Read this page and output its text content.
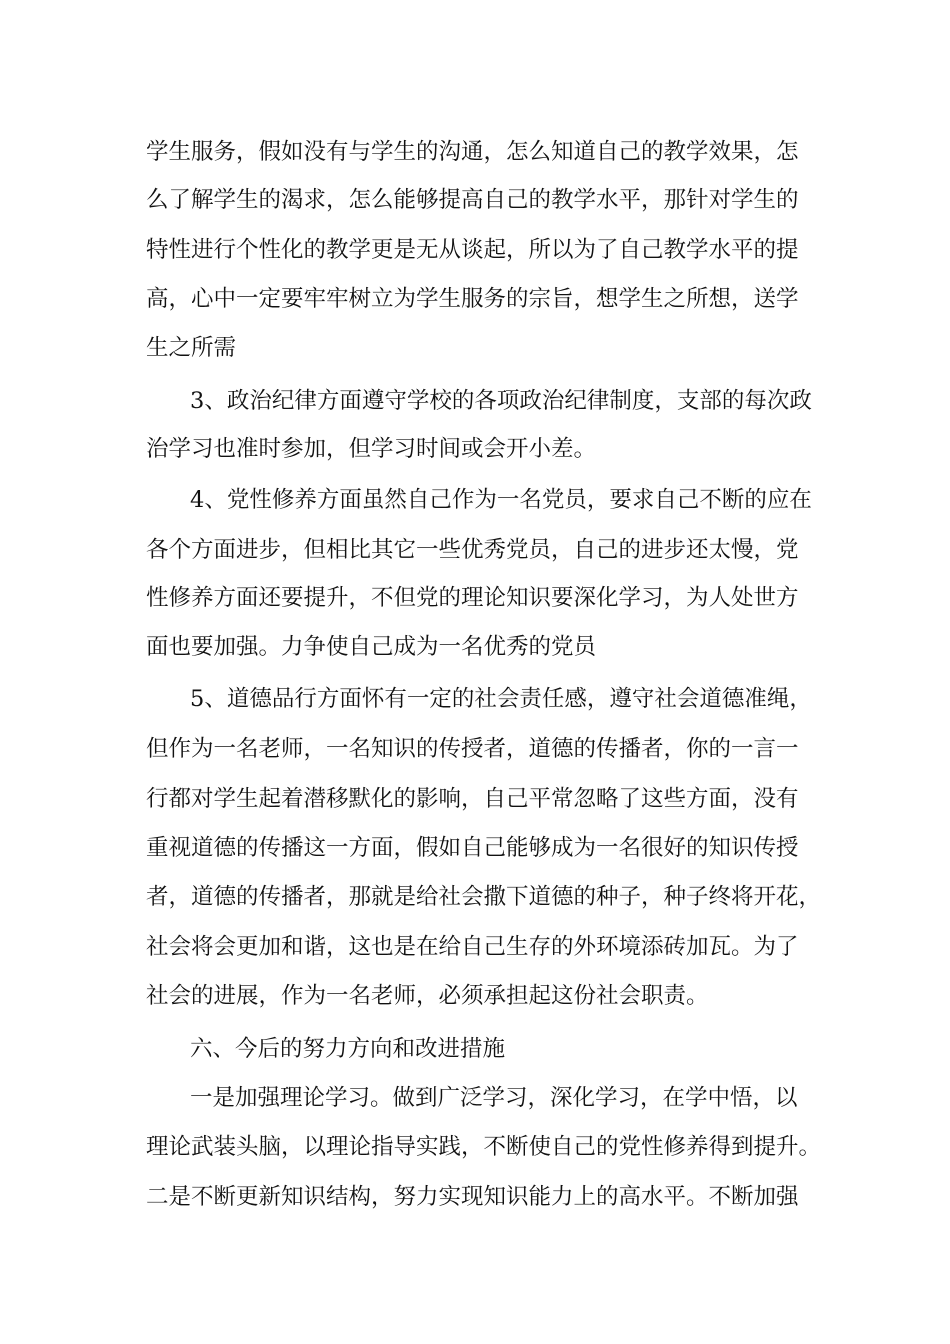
学生服务，假如没有与学生的沟通，怎么知道自己的教学效果，怎
么了解学生的渴求，怎么能够提高自己的教学水平，那针对学生的
特性进行个性化的教学更是无从谈起，所以为了自己教学水平的提
高，心中一定要牢牢树立为学生服务的宗旨，想学生之所想，送学
生之所需
3、政治纪律方面遵守学校的各项政治纪律制度，支部的每次政
治学习也准时参加，但学习时间或会开小差。
4、党性修养方面虽然自己作为一名党员，要求自己不断的应在
各个方面进步，但相比其它一些优秀党员，自己的进步还太慢，党
性修养方面还要提升，不但党的理论知识要深化学习，为人处世方
面也要加强。力争使自己成为一名优秀的党员
5、道德品行方面怀有一定的社会责任感，遵守社会道德准绳，
但作为一名老师，一名知识的传授者，道德的传播者，你的一言一
行都对学生起着潜移默化的影响，自己平常忽略了这些方面，没有
重视道德的传播这一方面，假如自己能够成为一名很好的知识传授
者，道德的传播者，那就是给社会撒下道德的种子，种子终将开花，
社会将会更加和谐，这也是在给自己生存的外环境添砖加瓦。为了
社会的进展，作为一名老师，必须承担起这份社会职责。
六、今后的努力方向和改进措施
一是加强理论学习。做到广泛学习，深化学习，在学中悟，以
理论武装头脑，以理论指导实践，不断使自己的党性修养得到提升。
二是不断更新知识结构，努力实现知识能力上的高水平。不断加强
